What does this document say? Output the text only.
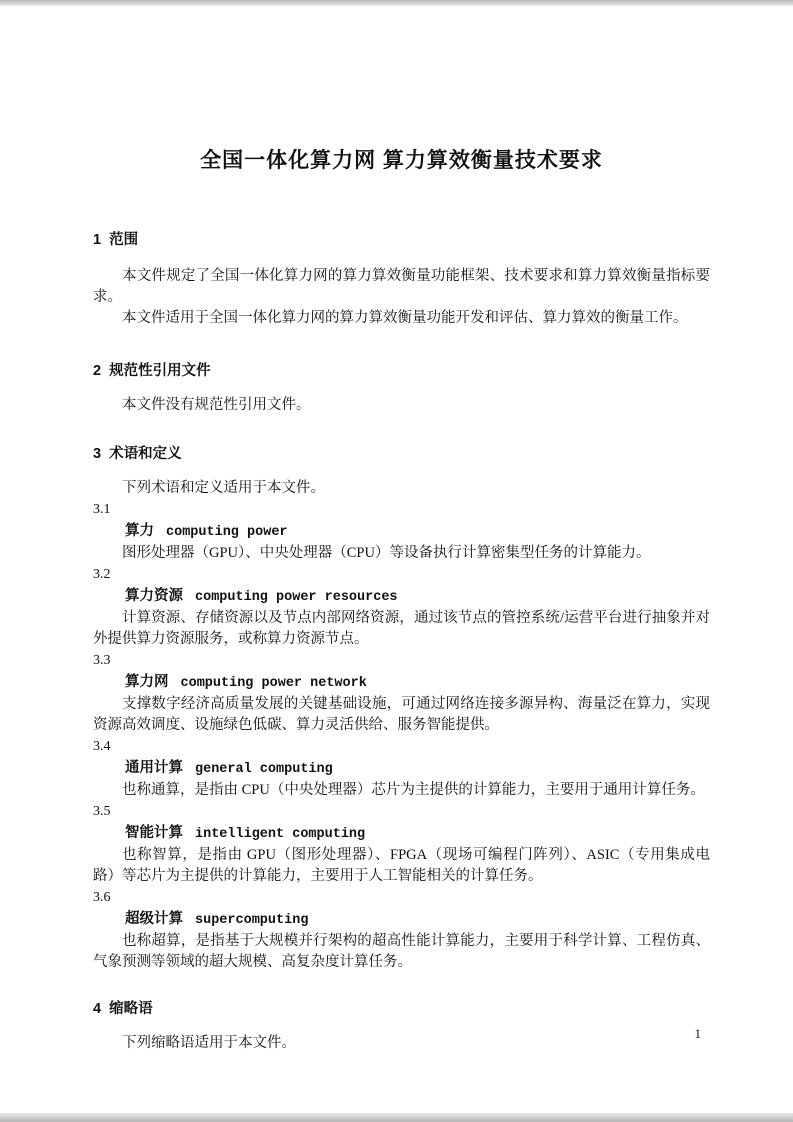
全国一体化算力网 算力算效衡量技术要求
1  范围

本文件规定了全国一体化算力网的算力算效衡量功能框架、技术要求和算力算效衡量指标要求。

本文件适用于全国一体化算力网的算力算效衡量功能开发和评估、算力算效的衡量工作。

2  规范性引用文件

本文件没有规范性引用文件。

3  术语和定义

下列术语和定义适用于本文件。

3.1

算力 computing power

图形处理器（GPU）、中央处理器（CPU）等设备执行计算密集型任务的计算能力。

3.2

算力资源 computing power resources

计算资源、存储资源以及节点内部网络资源，通过该节点的管控系统/运营平台进行抽象并对外提供算力资源服务，或称算力资源节点。

3.3

算力网 computing power network

支撑数字经济高质量发展的关键基础设施，可通过网络连接多源异构、海量泛在算力，实现资源高效调度、设施绿色低碳、算力灵活供给、服务智能提供。

3.4

通用计算 general computing

也称通算，是指由 CPU（中央处理器）芯片为主提供的计算能力，主要用于通用计算任务。

3.5

智能计算 intelligent computing

也称智算，是指由 GPU（图形处理器）、FPGA（现场可编程门阵列）、ASIC（专用集成电路）等芯片为主提供的计算能力，主要用于人工智能相关的计算任务。

3.6

超级计算 supercomputing

也称超算，是指基于大规模并行架构的超高性能计算能力，主要用于科学计算、工程仿真、气象预测等领域的超大规模、高复杂度计算任务。

4  缩略语

下列缩略语适用于本文件。

1
